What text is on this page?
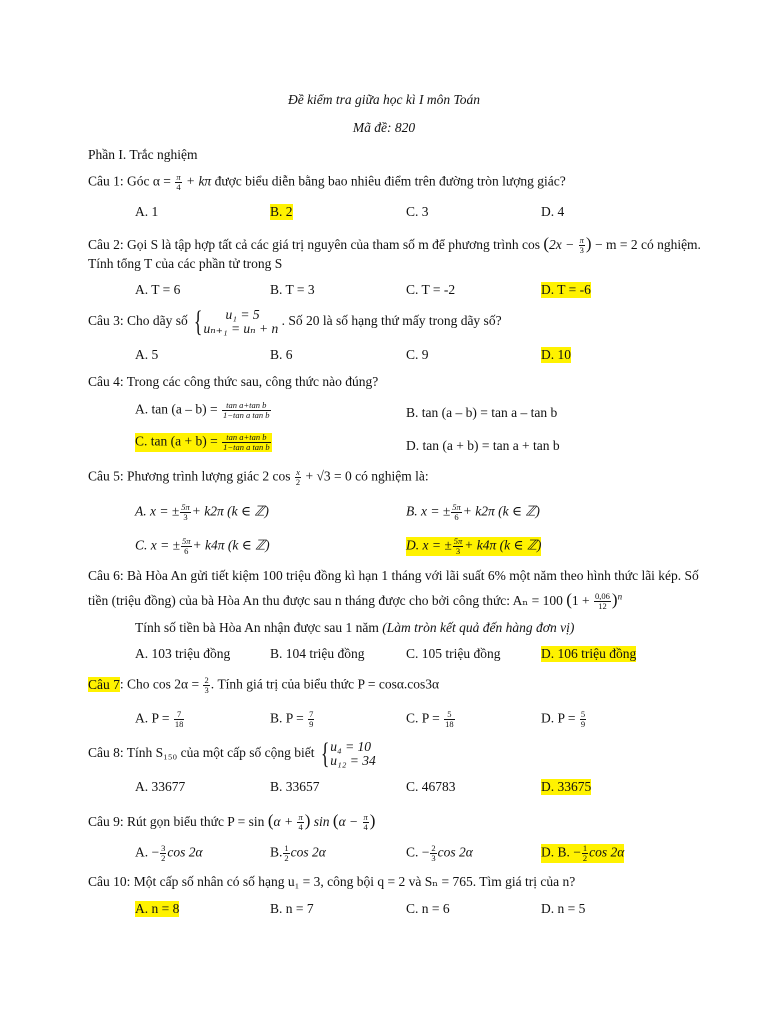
Đề kiểm tra giữa học kì I môn Toán
Mã đề: 820
Phần I. Trắc nghiệm
Câu 1: Góc $\alpha = \frac{\pi}{4} + k\pi$ được biểu diễn bằng bao nhiêu điểm trên đường tròn lượng giác?
A. 1	B. 2	C. 3	D. 4
Câu 2: Gọi S là tập hợp tất cả các giá trị nguyên của tham số m để phương trình $\cos (2x - \frac{\pi}{3}$ ) − m = 2 có nghiệm.
Tính tổng T của các phần tử trong S
A. T = 6	B. T = 3	C. T = -2	D. T = -6
Câu 3: Cho dãy số {	u₁ = 5
uₙ₊₁ = uₙ + n
. Số 20 là số hạng thứ mấy trong dãy số?
A. 5	B. 6	C. 9	D. 10
Câu 4: Trong các công thức sau, công thức nào đúng?
A. $\tan (a - b) = \frac{\text{tan a+tan b}}{\text{1−tan a tan b}}$	B. tan (a – b) = tan a – tan b
C. $\tan (a + b) = \frac{\text{tan a+tan b}}{\text{1−tan a tan b}}$	D. tan (a + b) = tan a + tan b
Câu 5: Phương trình lượng giác 2 $\cos \frac{x}{2} + √3 = 0$ có nghiệm là:
A. x = ± $\frac{5\pi}{3} + k2\pi$ (k ∈ ℤ)	B. x = ± $\frac{5\pi}{6} + k2\pi$ (k ∈ ℤ)
C. x = ± $\frac{5\pi}{6} + k4\pi$ (k ∈ ℤ)	D. x = ± $\frac{5\pi}{3} + k4\pi$ (k ∈ ℤ)
Câu 6: Bà Hòa An gửi tiết kiệm 100 triệu đồng kì hạn 1 tháng với lãi suất 6% một năm theo hình thức lãi kép. Số
tiền (triệu đồng) của bà Hòa An thu được sau n tháng được cho bởi công thức: Aₙ = 100 $(1 + \frac{0,06}{12} )^n$
Tính số tiền bà Hòa An nhận được sau 1 năm (Làm tròn kết quả đến hàng đơn vị)
A. 103 triệu đồng	B. 104 triệu đồng	C. 105 triệu đồng	D. 106 triệu đồng
Câu 7: Cho $\cos 2\alpha = \frac{2}{3}$ . Tính giá trị của biểu thức P = cosα.cos3α
A. $P = \frac{7}{18}$	B. $P = \frac{7}{9}$	C. $P = \frac{5}{18}$	D. $P = \frac{5}{9}$
Câu 8: Tính S₁₅₀ của một cấp số cộng biết { u₄ = 10
u₁₂ = 34
A. 33677	B. 33657	C. 46783	D. 33675
Câu 9: Rút gọn biểu thức $P = \sin (\alpha + \frac{\pi}{4}$ ) $\sin (\alpha - \frac{\pi}{4}$ )
A. − $\frac{3}{2}$ cos 2α	B. $\frac{1}{2}$ cos 2α	C. − $\frac{2}{3}$ cos 2α	D. B. − $\frac{1}{2}$ cos 2α
Câu 10: Một cấp số nhân có số hạng u₁ = 3, công bội q = 2 và Sₙ = 765. Tìm giá trị của n?
A. n = 8	B. n = 7	C. n = 6	D. n = 5
